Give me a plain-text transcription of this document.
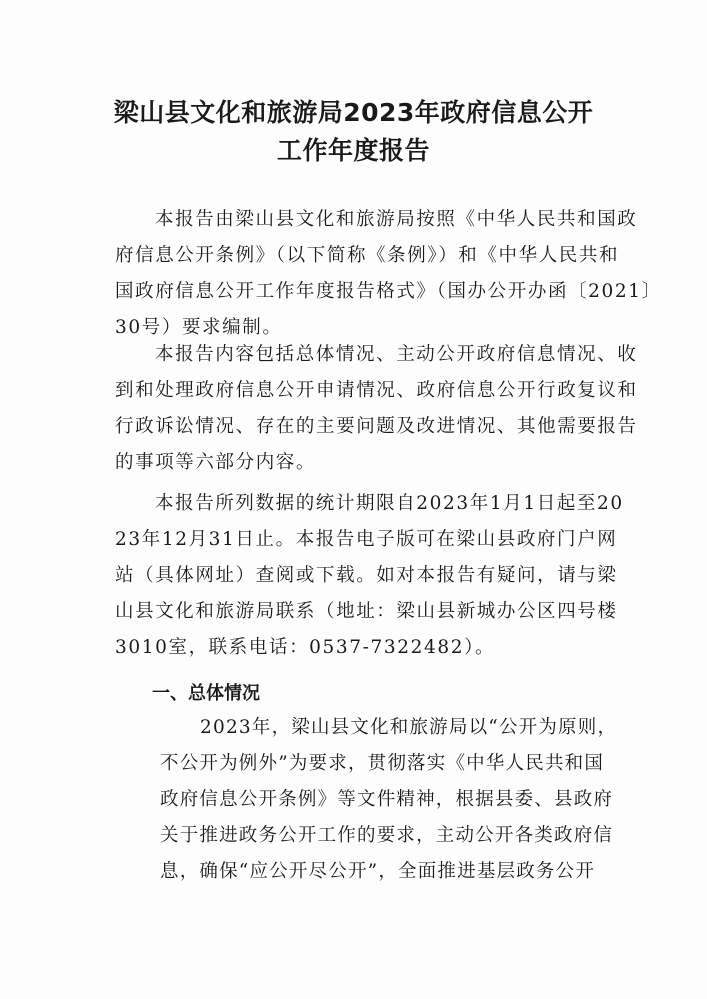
梁山县文化和旅游局2023年政府信息公开
工作年度报告
本报告由梁山县文化和旅游局按照《中华人民共和国政
府信息公开条例》（以下简称《条例》）和《中华人民共和
国政府信息公开工作年度报告格式》（国办公开办函〔2021〕
30号）要求编制。
本报告内容包括总体情况、主动公开政府信息情况、收
到和处理政府信息公开申请情况、政府信息公开行政复议和
行政诉讼情况、存在的主要问题及改进情况、其他需要报告
的事项等六部分内容。
本报告所列数据的统计期限自2023年1月1日起至20
23年12月31日止。本报告电子版可在梁山县政府门户网
站（具体网址）查阅或下载。如对本报告有疑问，请与梁
山县文化和旅游局联系（地址：梁山县新城办公区四号楼
3010室，联系电话：0537-7322482）。
一、总体情况
2023年，梁山县文化和旅游局以“公开为原则，
不公开为例外”为要求，贯彻落实《中华人民共和国
政府信息公开条例》等文件精神，根据县委、县政府
关于推进政务公开工作的要求，主动公开各类政府信
息，确保“应公开尽公开”，全面推进基层政务公开
